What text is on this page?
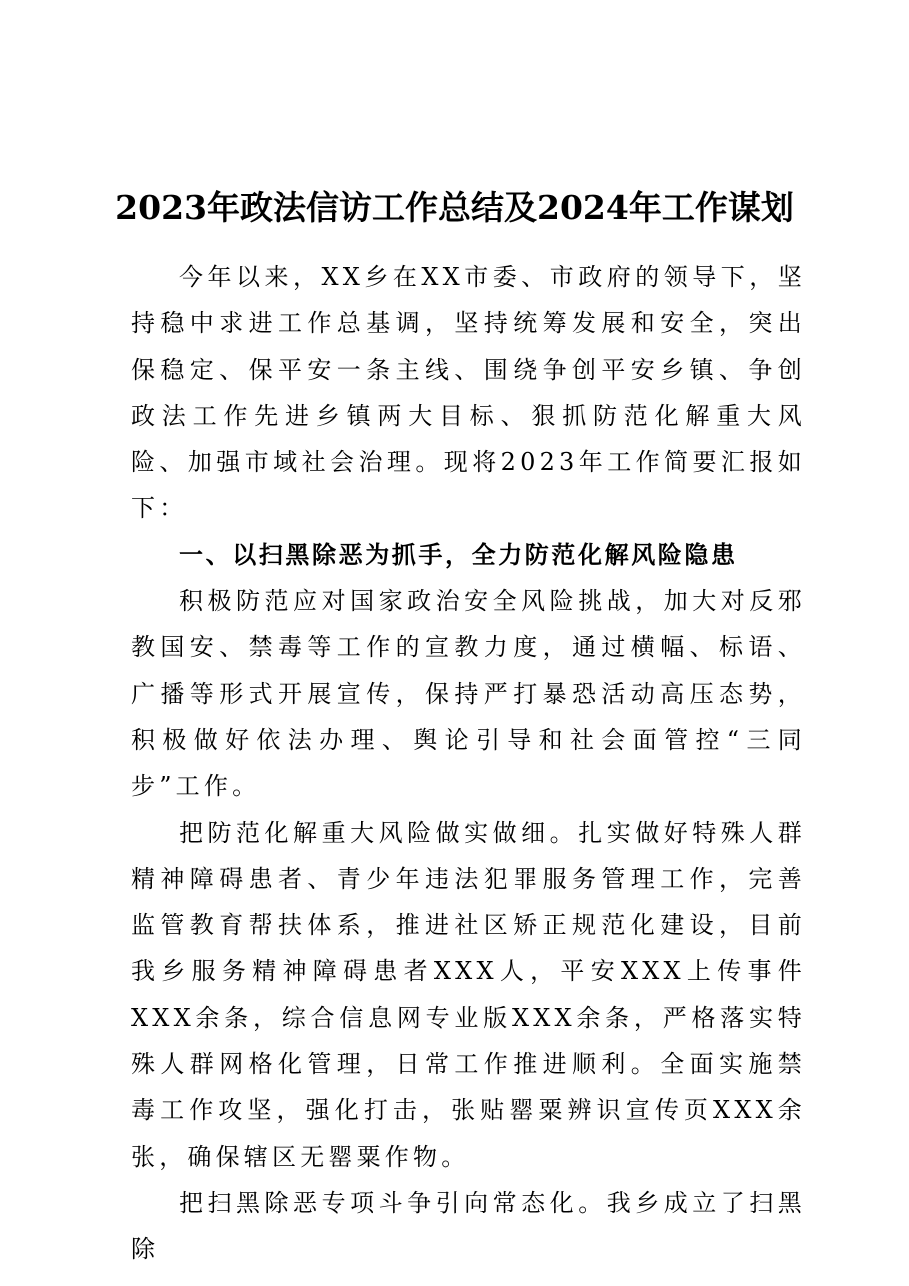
2023年政法信访工作总结及2024年工作谋划

今年以来，XX乡在XX市委、市政府的领导下，坚持稳中求进工作总基调，坚持统筹发展和安全，突出保稳定、保平安一条主线、围绕争创平安乡镇、争创政法工作先进乡镇两大目标、狠抓防范化解重大风险、加强市域社会治理。现将2023年工作简要汇报如下：

一、以扫黑除恶为抓手，全力防范化解风险隐患

积极防范应对国家政治安全风险挑战，加大对反邪教国安、禁毒等工作的宣教力度，通过横幅、标语、广播等形式开展宣传，保持严打暴恐活动高压态势，积极做好依法办理、舆论引导和社会面管控“三同步”工作。

把防范化解重大风险做实做细。扎实做好特殊人群精神障碍患者、青少年违法犯罪服务管理工作，完善监管教育帮扶体系，推进社区矫正规范化建设，目前我乡服务精神障碍患者XXX人，平安XXX上传事件XXX余条，综合信息网专业版XXX余条，严格落实特殊人群网格化管理，日常工作推进顺利。全面实施禁毒工作攻坚，强化打击，张贴罂粟辨识宣传页XXX余张，确保辖区无罂粟作物。

把扫黑除恶专项斗争引向常态化。我乡成立了扫黑除
